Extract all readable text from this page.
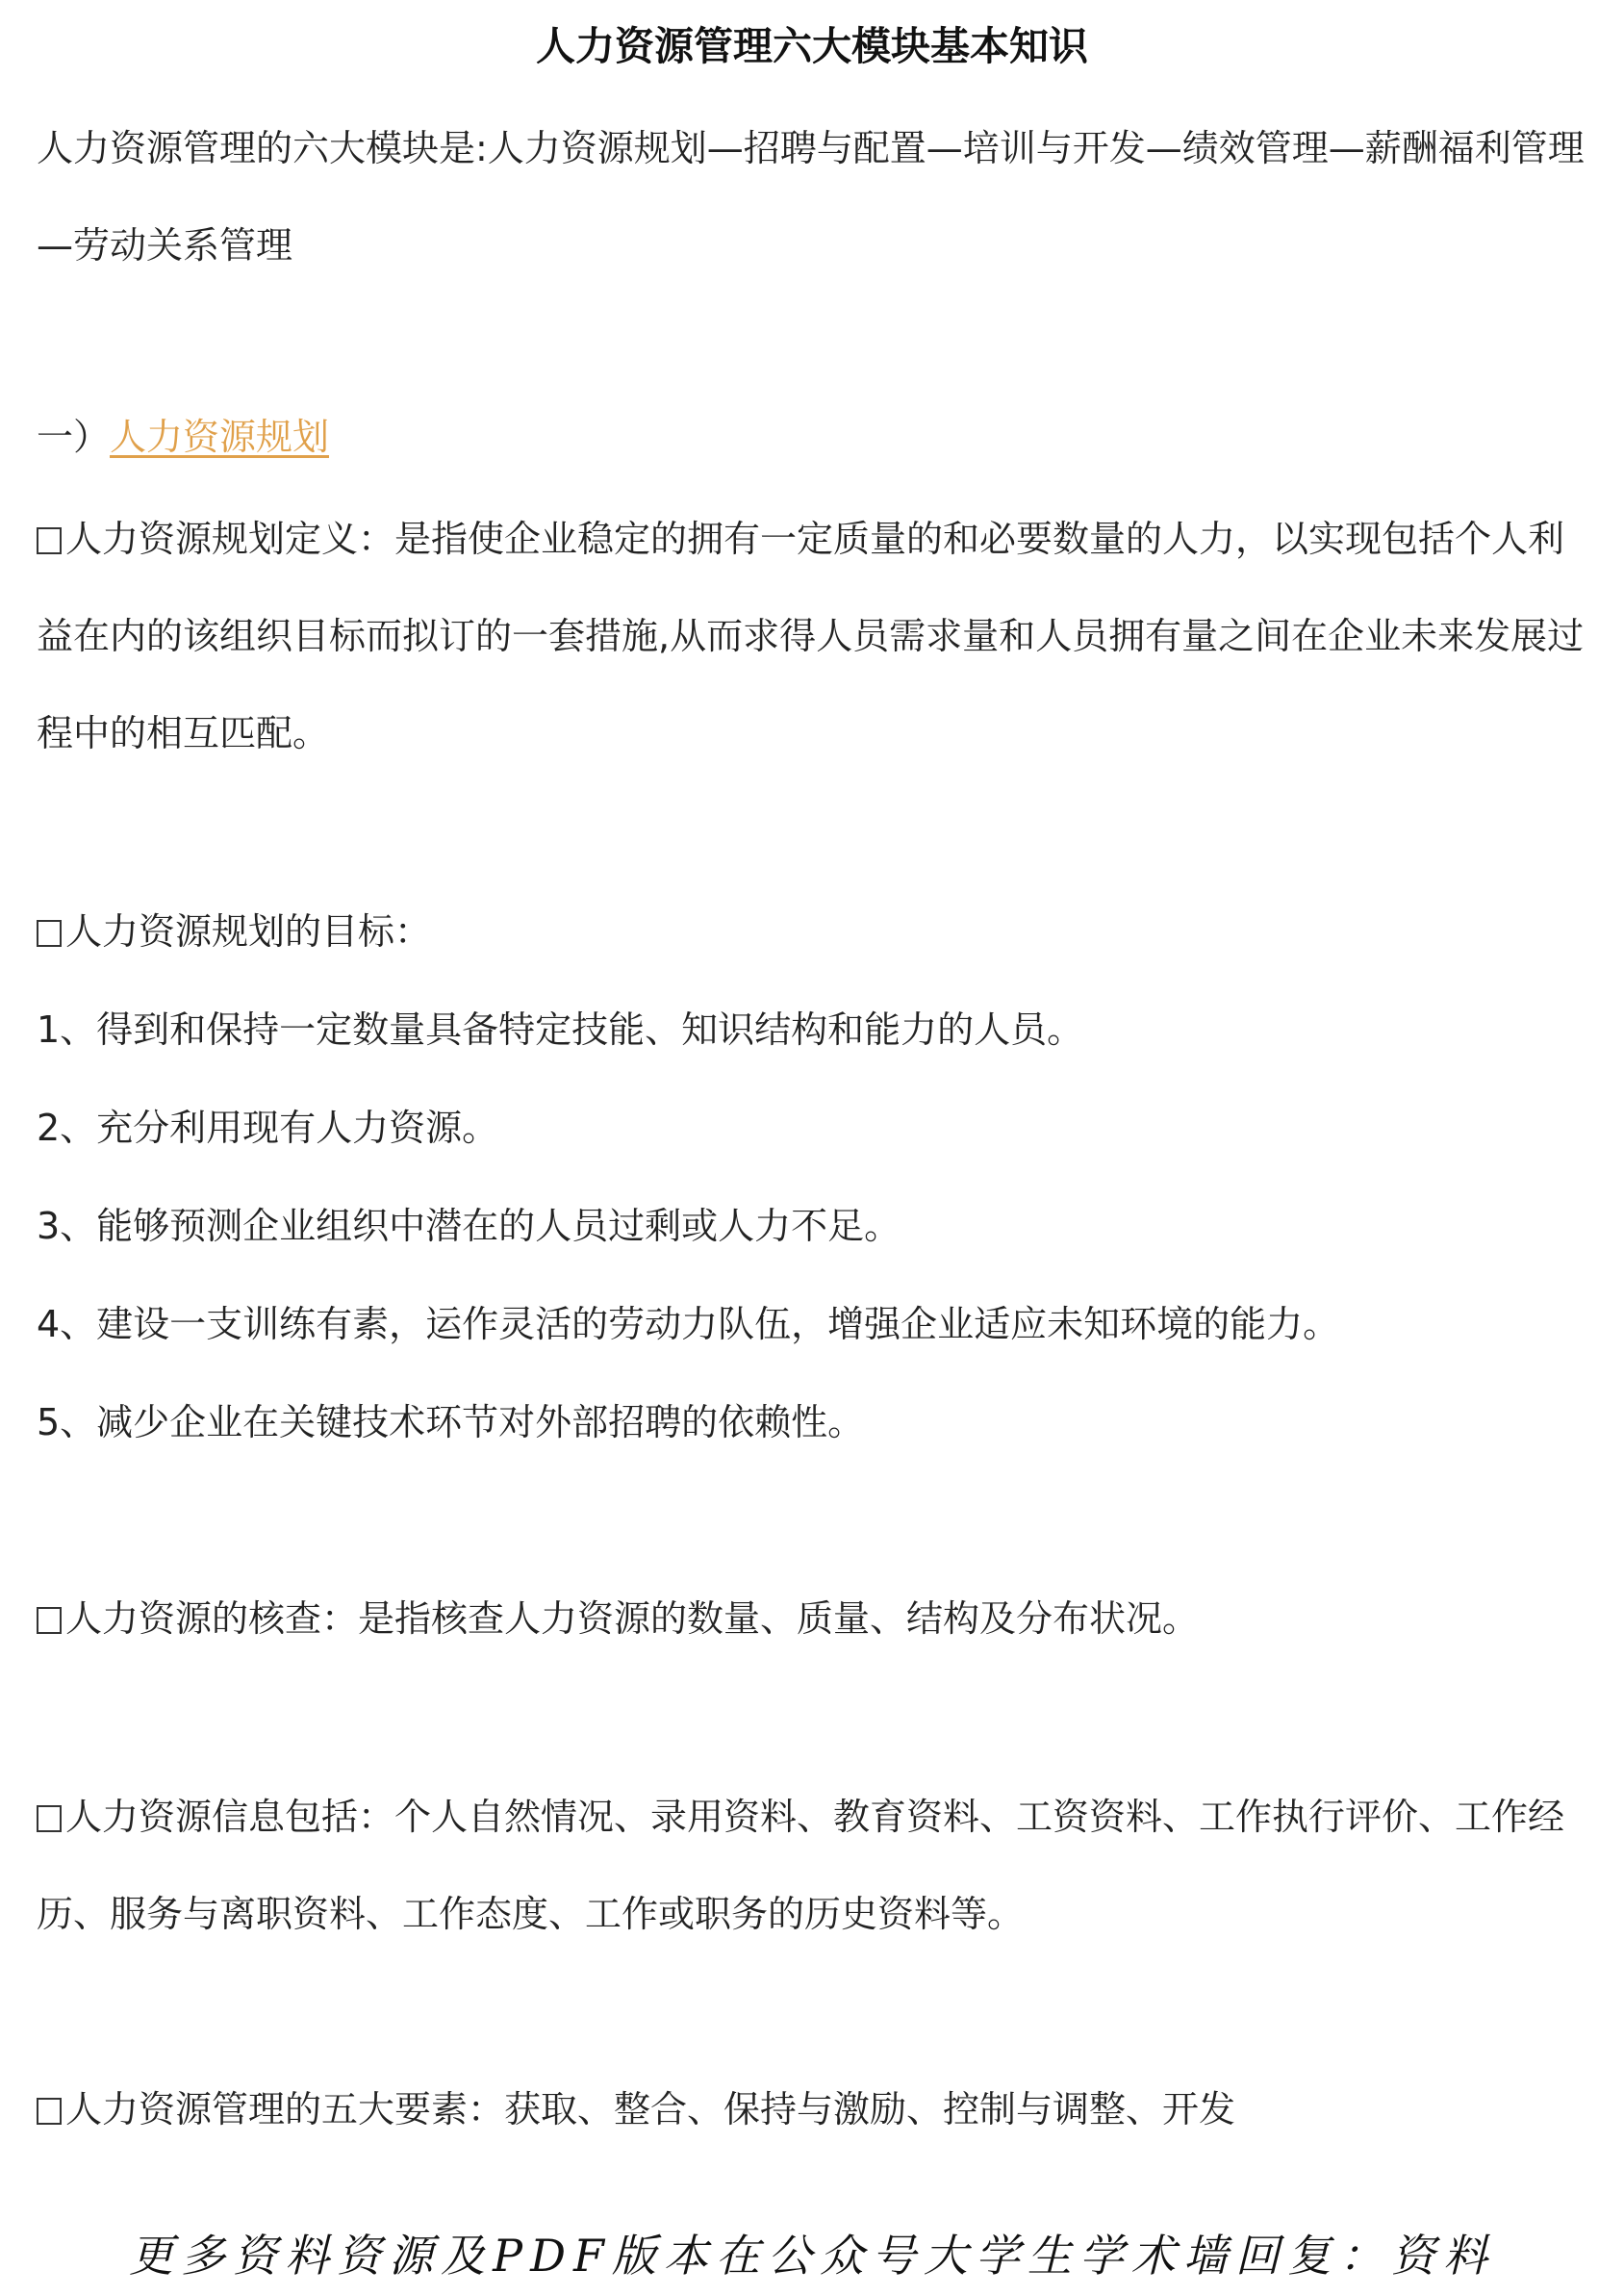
人力资源管理六大模块基本知识

人力资源管理的六大模块是:人力资源规划—招聘与配置—培训与开发—绩效管理—薪酬福利管理—劳动关系管理

一）人力资源规划

人力资源规划定义：是指使企业稳定的拥有一定质量的和必要数量的人力，以实现包括个人利益在内的该组织目标而拟订的一套措施,从而求得人员需求量和人员拥有量之间在企业未来发展过程中的相互匹配。

人力资源规划的目标：
1、得到和保持一定数量具备特定技能、知识结构和能力的人员。
2、充分利用现有人力资源。
3、能够预测企业组织中潜在的人员过剩或人力不足。
4、建设一支训练有素，运作灵活的劳动力队伍，增强企业适应未知环境的能力。
5、减少企业在关键技术环节对外部招聘的依赖性。
人力资源的核查：是指核查人力资源的数量、质量、结构及分布状况。

人力资源信息包括：个人自然情况、录用资料、教育资料、工资资料、工作执行评价、工作经历、服务与离职资料、工作态度、工作或职务的历史资料等。

人力资源管理的五大要素：获取、整合、保持与激励、控制与调整、开发
更多资料资源及PDF版本在公众号大学生学术墙回复：资料
